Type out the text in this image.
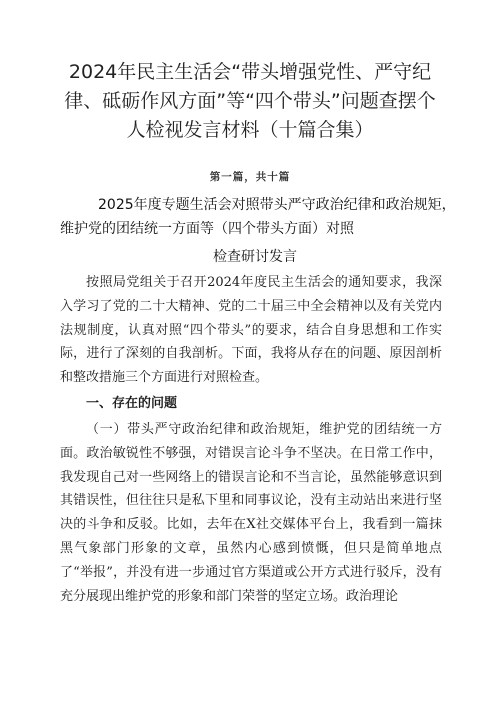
2024年民主生活会“带头增强党性、严守纪律、砥砺作风方面”等“四个带头”问题查摆个人检视发言材料（十篇合集）
第一篇，共十篇
2025年度专题生活会对照带头严守政治纪律和政治规矩，
维护党的团结统一方面等（四个带头方面）对照
检查研讨发言

按照局党组关于召开2024年度民主生活会的通知要求，我深入学习了党的二十大精神、党的二十届三中全会精神以及有关党内法规制度，认真对照“四个带头”的要求，结合自身思想和工作实际，进行了深刻的自我剖析。下面，我将从存在的问题、原因剖析和整改措施三个方面进行对照检查。

一、存在的问题

（一）带头严守政治纪律和政治规矩，维护党的团结统一方面。政治敏锐性不够强，对错误言论斗争不坚决。在日常工作中，我发现自己对一些网络上的错误言论和不当言论，虽然能够意识到其错误性，但往往只是私下里和同事议论，没有主动站出来进行坚决的斗争和反驳。比如，去年在X社交媒体平台上，我看到一篇抹黑气象部门形象的文章，虽然内心感到愤慨，但只是简单地点了“举报”，并没有进一步通过官方渠道或公开方式进行驳斥，没有充分展现出维护党的形象和部门荣誉的坚定立场。政治理论
